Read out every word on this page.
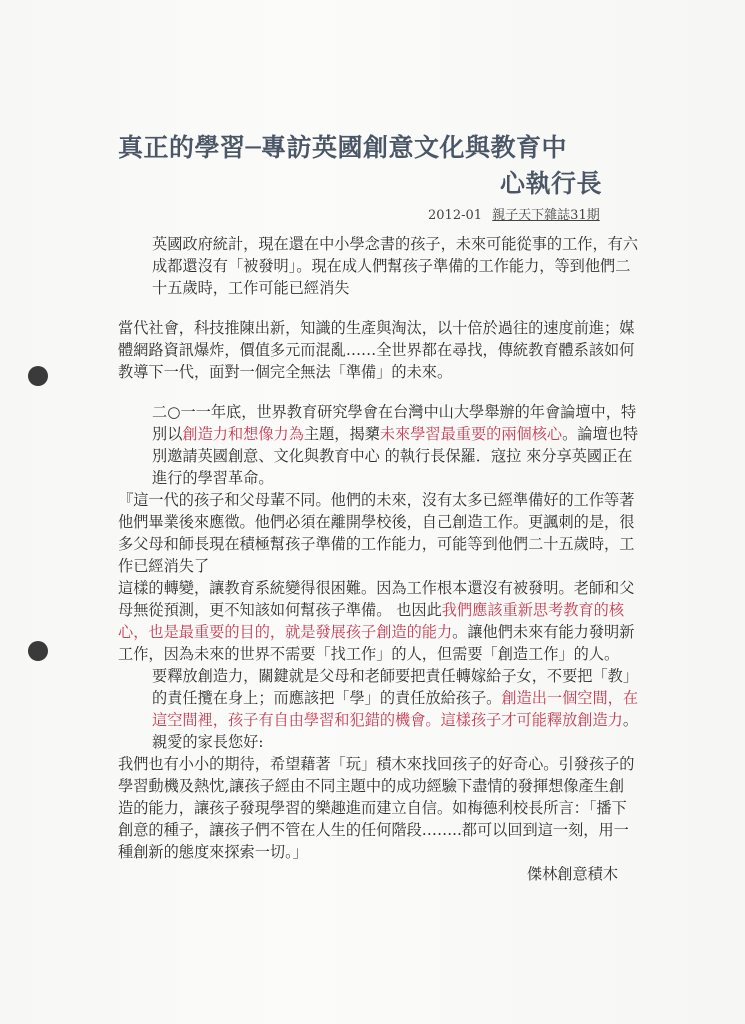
真正的學習─專訪英國創意文化與教育中
心執行長
2012-01 親子天下雜誌31期

英國政府統計，現在還在中小學念書的孩子，未來可能從事的工作，有六成都還沒有「被發明」。現在成人們幫孩子準備的工作能力，等到他們二十五歲時，工作可能已經消失

當代社會，科技推陳出新，知識的生產與淘汰，以十倍於過往的速度前進；媒體網路資訊爆炸，價值多元而混亂……全世界都在尋找，傳統教育體系該如何教導下一代，面對一個完全無法「準備」的未來。

二○一一年底，世界教育研究學會在台灣中山大學舉辦的年會論壇中，特別以創造力和想像力為主題，揭櫫未來學習最重要的兩個核心。論壇也特別邀請英國創意、文化與教育中心 的執行長保羅．寇拉 來分享英國正在進行的學習革命。

『這一代的孩子和父母輩不同。他們的未來，沒有太多已經準備好的工作等著他們畢業後來應徵。他們必須在離開學校後，自己創造工作。更諷刺的是，很多父母和師長現在積極幫孩子準備的工作能力，可能等到他們二十五歲時，工作已經消失了

這樣的轉變，讓教育系統變得很困難。因為工作根本還沒有被發明。老師和父母無從預測，更不知該如何幫孩子準備。 也因此我們應該重新思考教育的核心，也是最重要的目的，就是發展孩子創造的能力。讓他們未來有能力發明新工作，因為未來的世界不需要「找工作」的人，但需要「創造工作」的人。

要釋放創造力，關鍵就是父母和老師要把責任轉嫁給子女，不要把「教」的責任攬在身上；而應該把「學」的責任放給孩子。創造出一個空間，在這空間裡，孩子有自由學習和犯錯的機會。這樣孩子才可能釋放創造力。

親愛的家長您好:

我們也有小小的期待，希望藉著「玩」積木來找回孩子的好奇心。引發孩子的學習動機及熱忱,讓孩子經由不同主題中的成功經驗下盡情的發揮想像產生創造的能力，讓孩子發現學習的樂趣進而建立自信。如梅德利校長所言：「播下創意的種子，讓孩子們不管在人生的任何階段……..都可以回到這一刻，用一種創新的態度來探索一切。」

傑林創意積木
